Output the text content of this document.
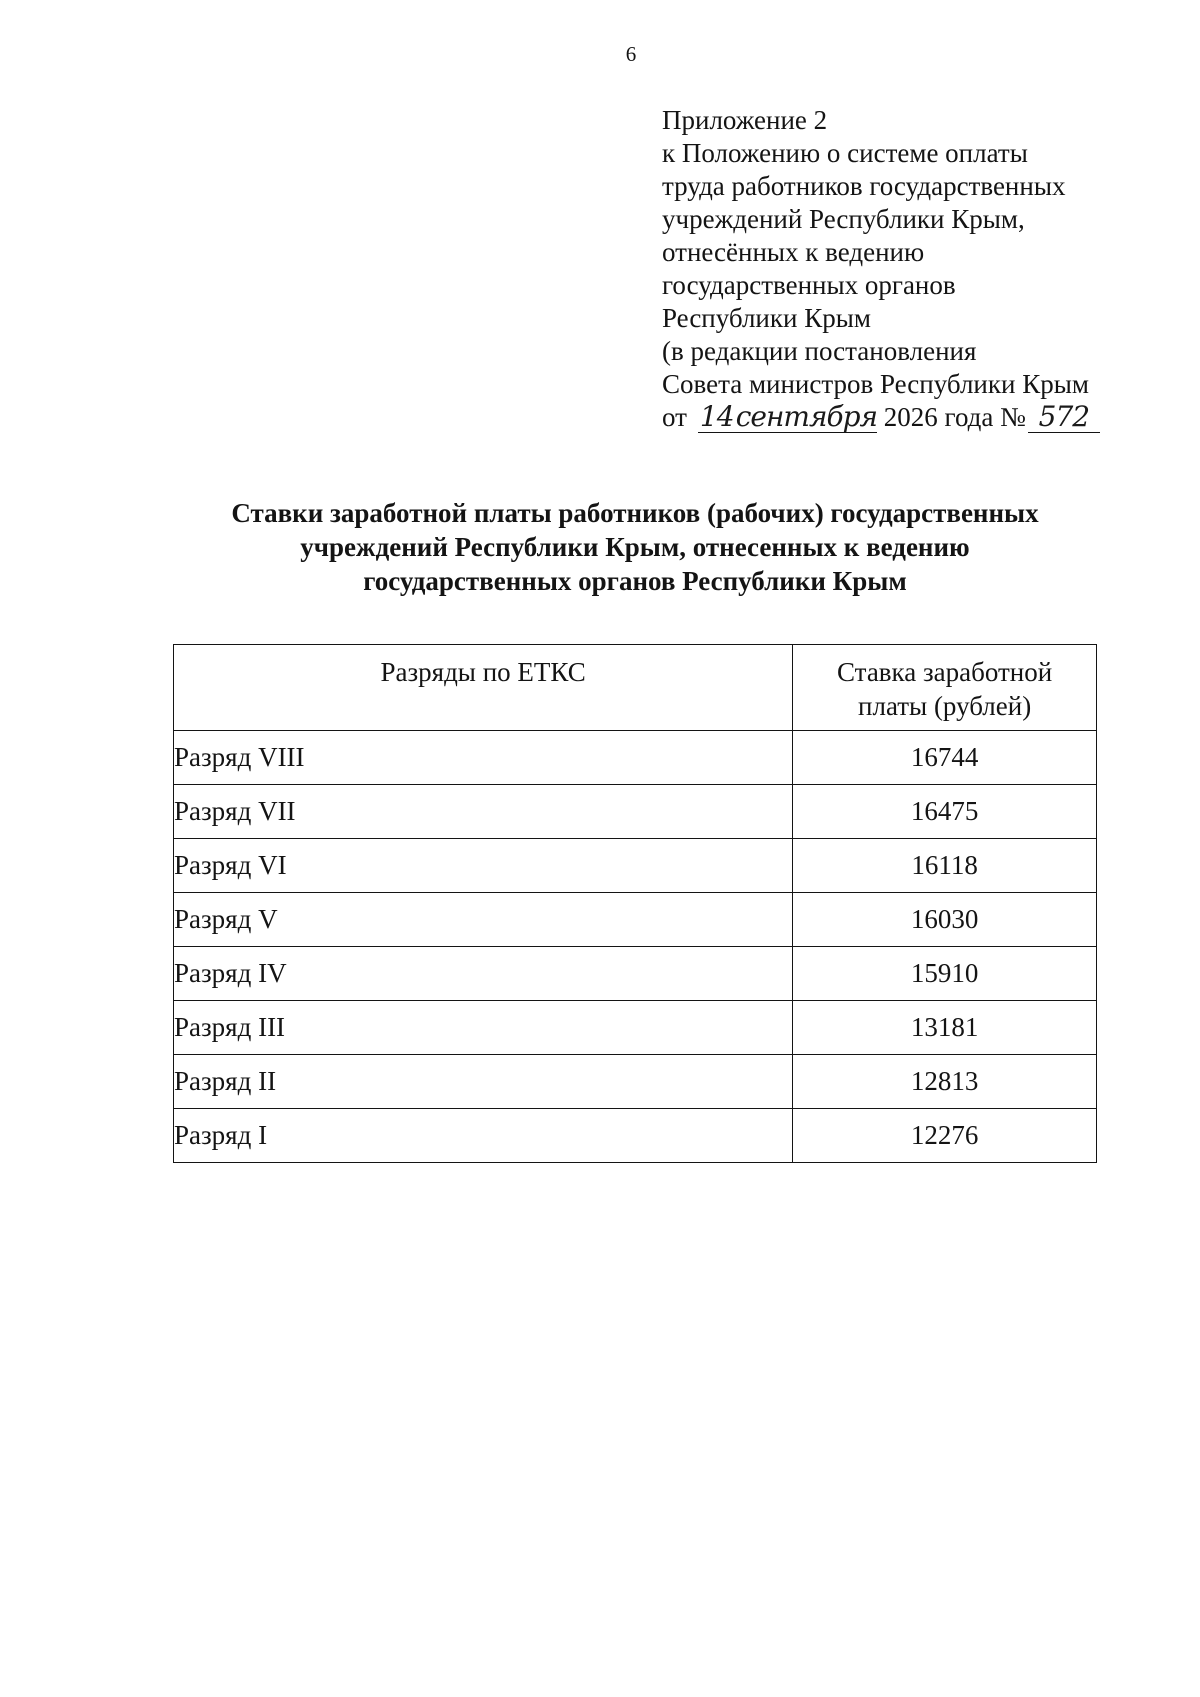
6
Приложение 2
к Положению о системе оплаты
труда работников государственных
учреждений Республики Крым,
отнесённых к ведению
государственных органов
Республики Крым
(в редакции постановления
Совета министров Республики Крым
от 14сентября 2026 года № 572
Ставки заработной платы работников (рабочих) государственных
учреждений Республики Крым, отнесенных к ведению
государственных органов Республики Крым
Разряды по ЕТКС	Ставка заработной
платы (рублей)

Разряд VIII	16744
Разряд VII	16475
Разряд VI	16118
Разряд V	16030
Разряд IV	15910
Разряд III	13181
Разряд II	12813
Разряд I	12276
